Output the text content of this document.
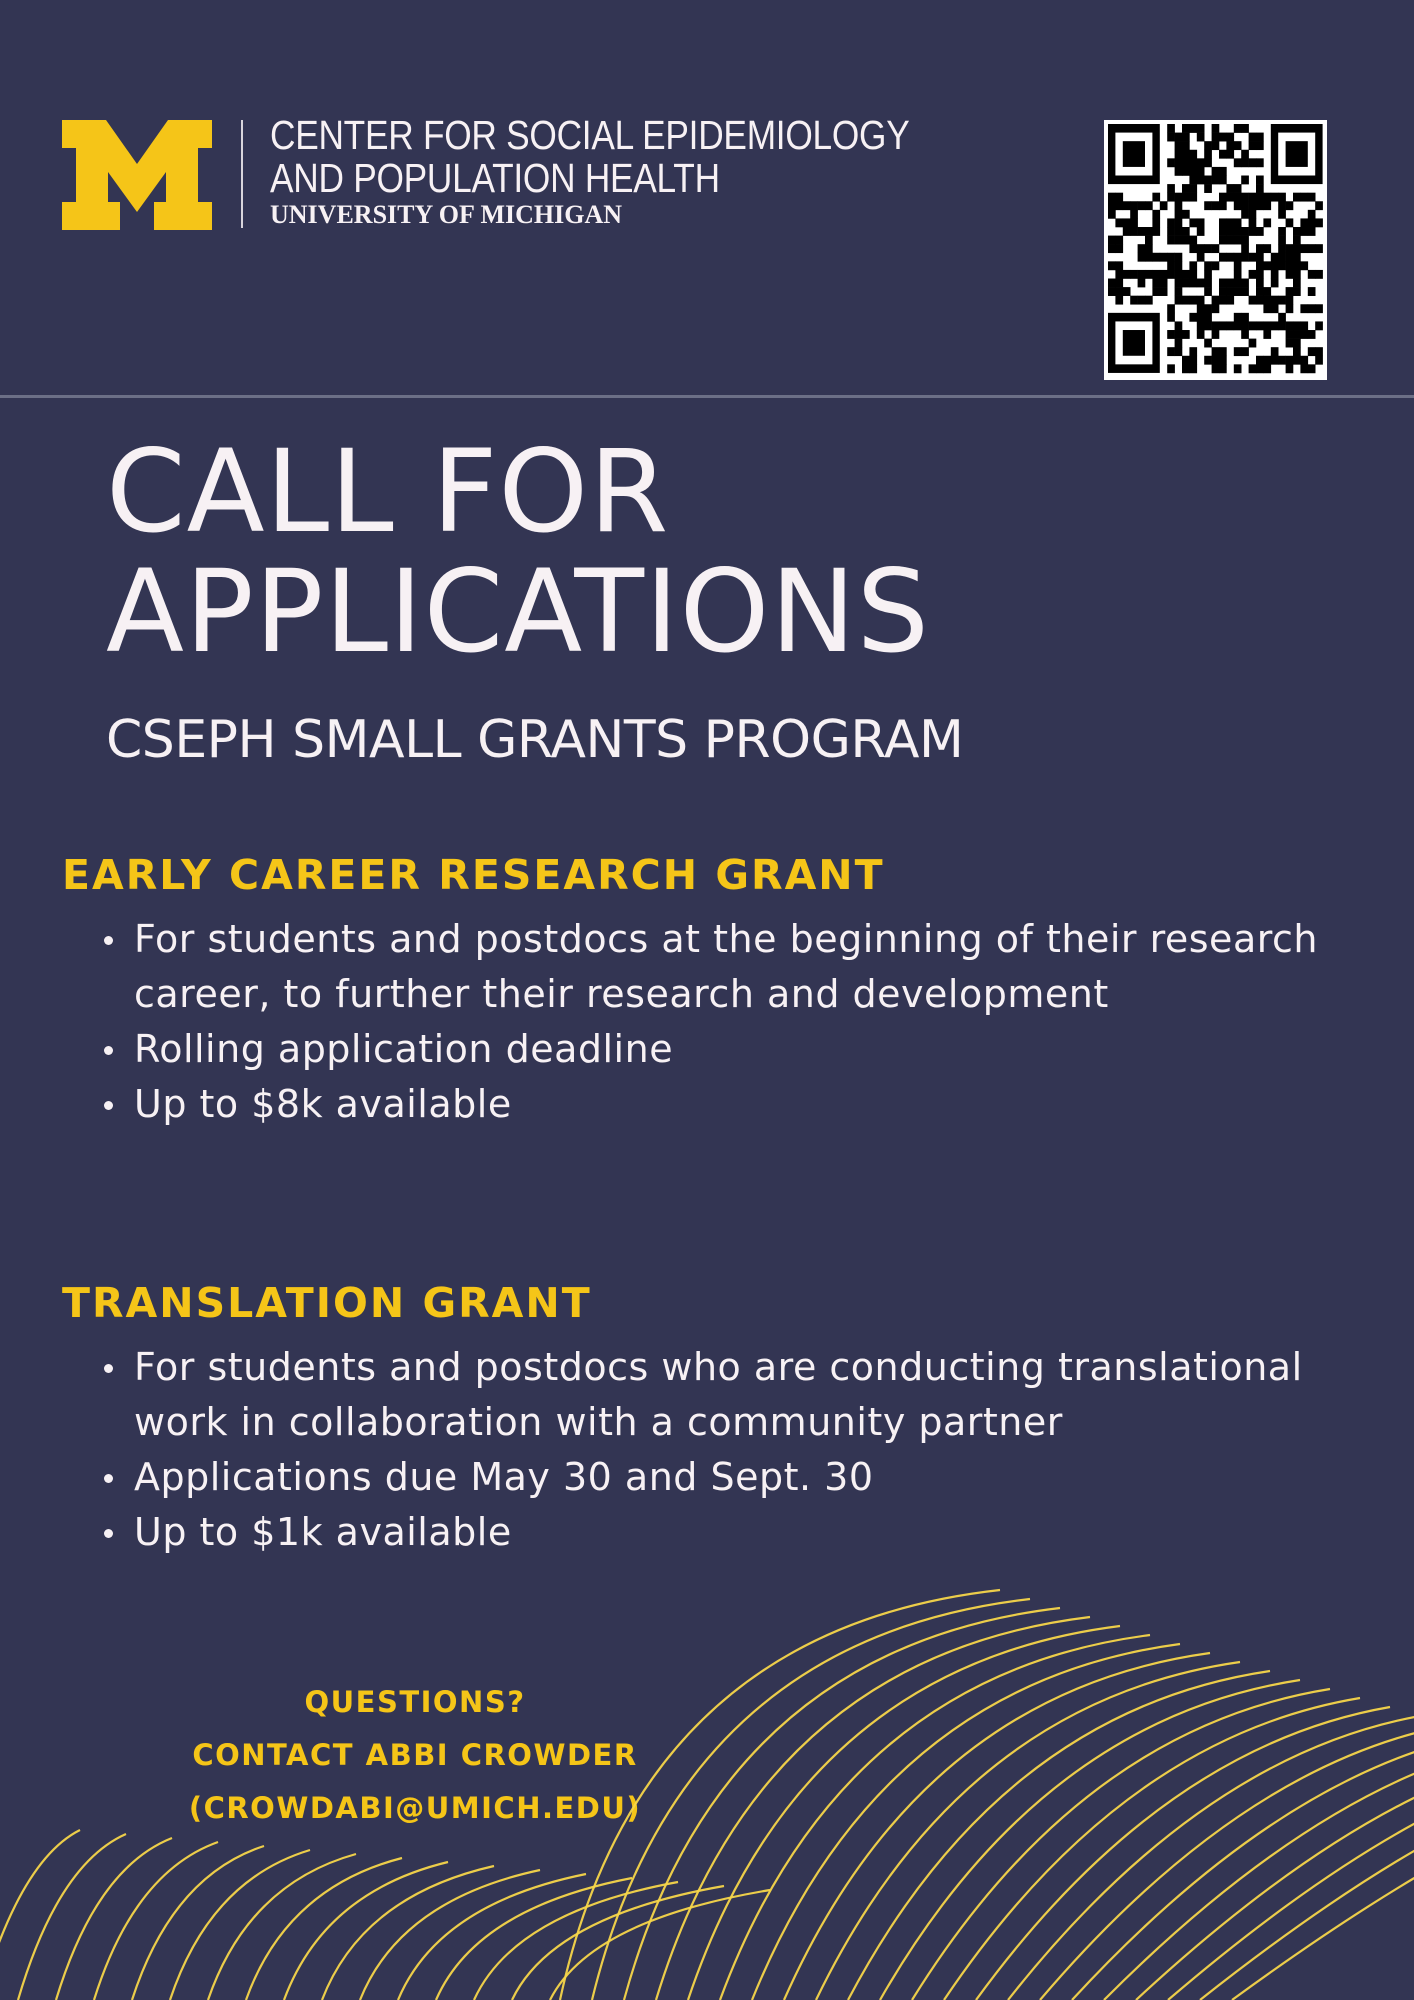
CENTER FOR SOCIAL EPIDEMIOLOGY
AND POPULATION HEALTH
UNIVERSITY OF MICHIGAN
CALL FOR
APPLICATIONS

CSEPH SMALL GRANTS PROGRAM

EARLY CAREER RESEARCH GRANT
For students and postdocs at the beginning of their research career, to further their research and development
Rolling application deadline
Up to $8k available
TRANSLATION GRANT
For students and postdocs who are conducting translational work in collaboration with a community partner
Applications due May 30 and Sept. 30
Up to $1k available
QUESTIONS?
CONTACT ABBI CROWDER
(CROWDABI@UMICH.EDU)
